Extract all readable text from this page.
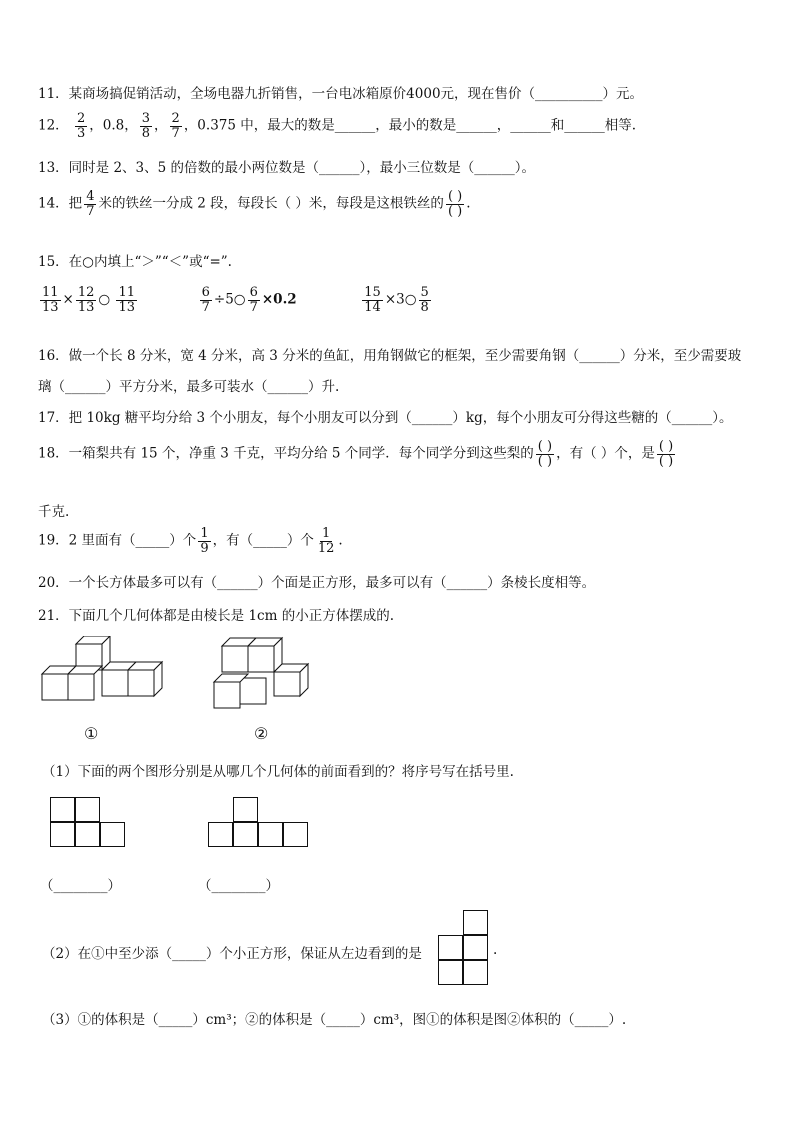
11．某商场搞促销活动，全场电器九折销售，一台电冰箱原价4000元，现在售价（__________）元。
12． $\frac{2}{3}$ ，0.8， $\frac{3}{8}$ ， $\frac{2}{7}$ ，0.375 中，最大的数是______，最小的数是______，______和______相等.
13．同时是 2、3、5 的倍数的最小两位数是（______），最小三位数是（______）。
14．把 $\frac{4}{7}$ 米的铁丝一分成 2 段，每段长（ ）米，每段是这根铁丝的 $\frac{( )}{( )}$ .
15．在○内填上“＞”“＜”或“=”.
$\frac{11}{13} \times \frac{12}{13}$ ○ $\frac{11}{13}$
	$\frac{6}{7}$ ÷5○ $\frac{6}{7} \times 0.2$	$\frac{15}{14}$ ×3○ $\frac{5}{8}$
16．做一个长 8 分米，宽 4 分米，高 3 分米的鱼缸，用角钢做它的框架，至少需要角钢（______）分米，至少需要玻
璃（______）平方分米，最多可装水（______）升.
17．把 10kg 糖平均分给 3 个小朋友，每个小朋友可以分到（______）kg，每个小朋友可分得这些糖的（______）。
18．一箱梨共有 15 个，净重 3 千克，平均分给 5 个同学．每个同学分到这些梨的 $\frac{( )}{( )}$ ，有（ ）个，是 $\frac{( )}{( )}$
千克.
19．2 里面有（_____）个 $\frac{1}{9}$ ，有（_____）个 $\frac{1}{12}$ .
20．一个长方体最多可以有（______）个面是正方形，最多可以有（______）条棱长度相等。
21．下面几个几何体都是由棱长是 1cm 的小正方体摆成的.
①	②
（1）下面的两个图形分别是从哪几个几何体的前面看到的？将序号写在括号里.
（________）	（________）
（2）在①中至少添（_____）个小正方形，保证从左边看到的是	.
（3）①的体积是（_____）cm³；②的体积是（_____）cm³，图①的体积是图②体积的（_____）.
